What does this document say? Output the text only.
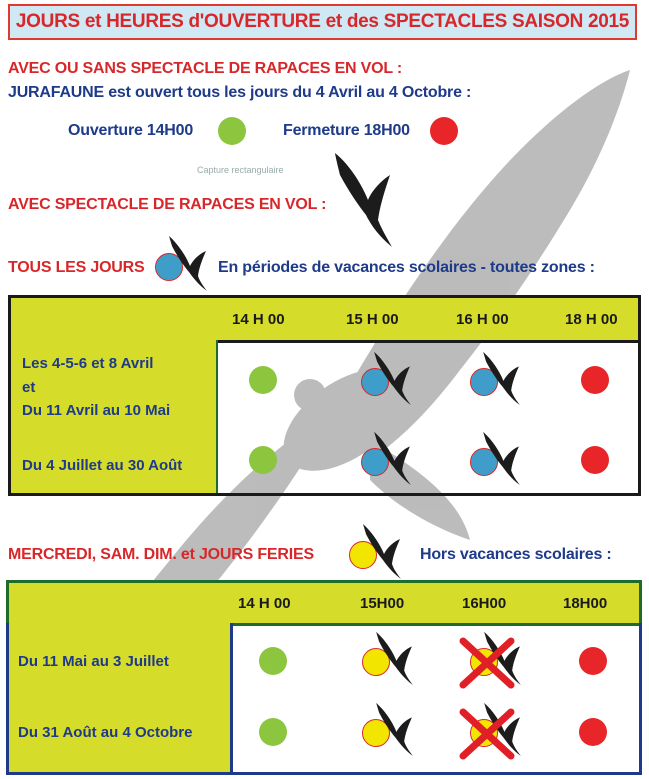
JOURS et HEURES d'OUVERTURE et des SPECTACLES SAISON 2015
AVEC OU SANS SPECTACLE DE RAPACES EN VOL :
JURAFAUNE est ouvert tous les jours du 4 Avril au 4 Octobre :
Ouverture 14H00	Fermeture 18H00
Capture rectangulaire
AVEC SPECTACLE DE RAPACES EN VOL :
TOUS LES JOURS	En périodes de vacances scolaires - toutes zones :
14 H 00	15 H 00	16 H 00	18 H 00
Les 4-5-6 et 8 Avril
et
Du 11 Avril au 10 Mai
Du 4 Juillet au 30 Août
MERCREDI, SAM. DIM. et JOURS FERIES	Hors vacances scolaires :
14 H 00	15H00	16H00	18H00
Du 11 Mai au 3 Juillet
Du 31 Août au 4 Octobre
